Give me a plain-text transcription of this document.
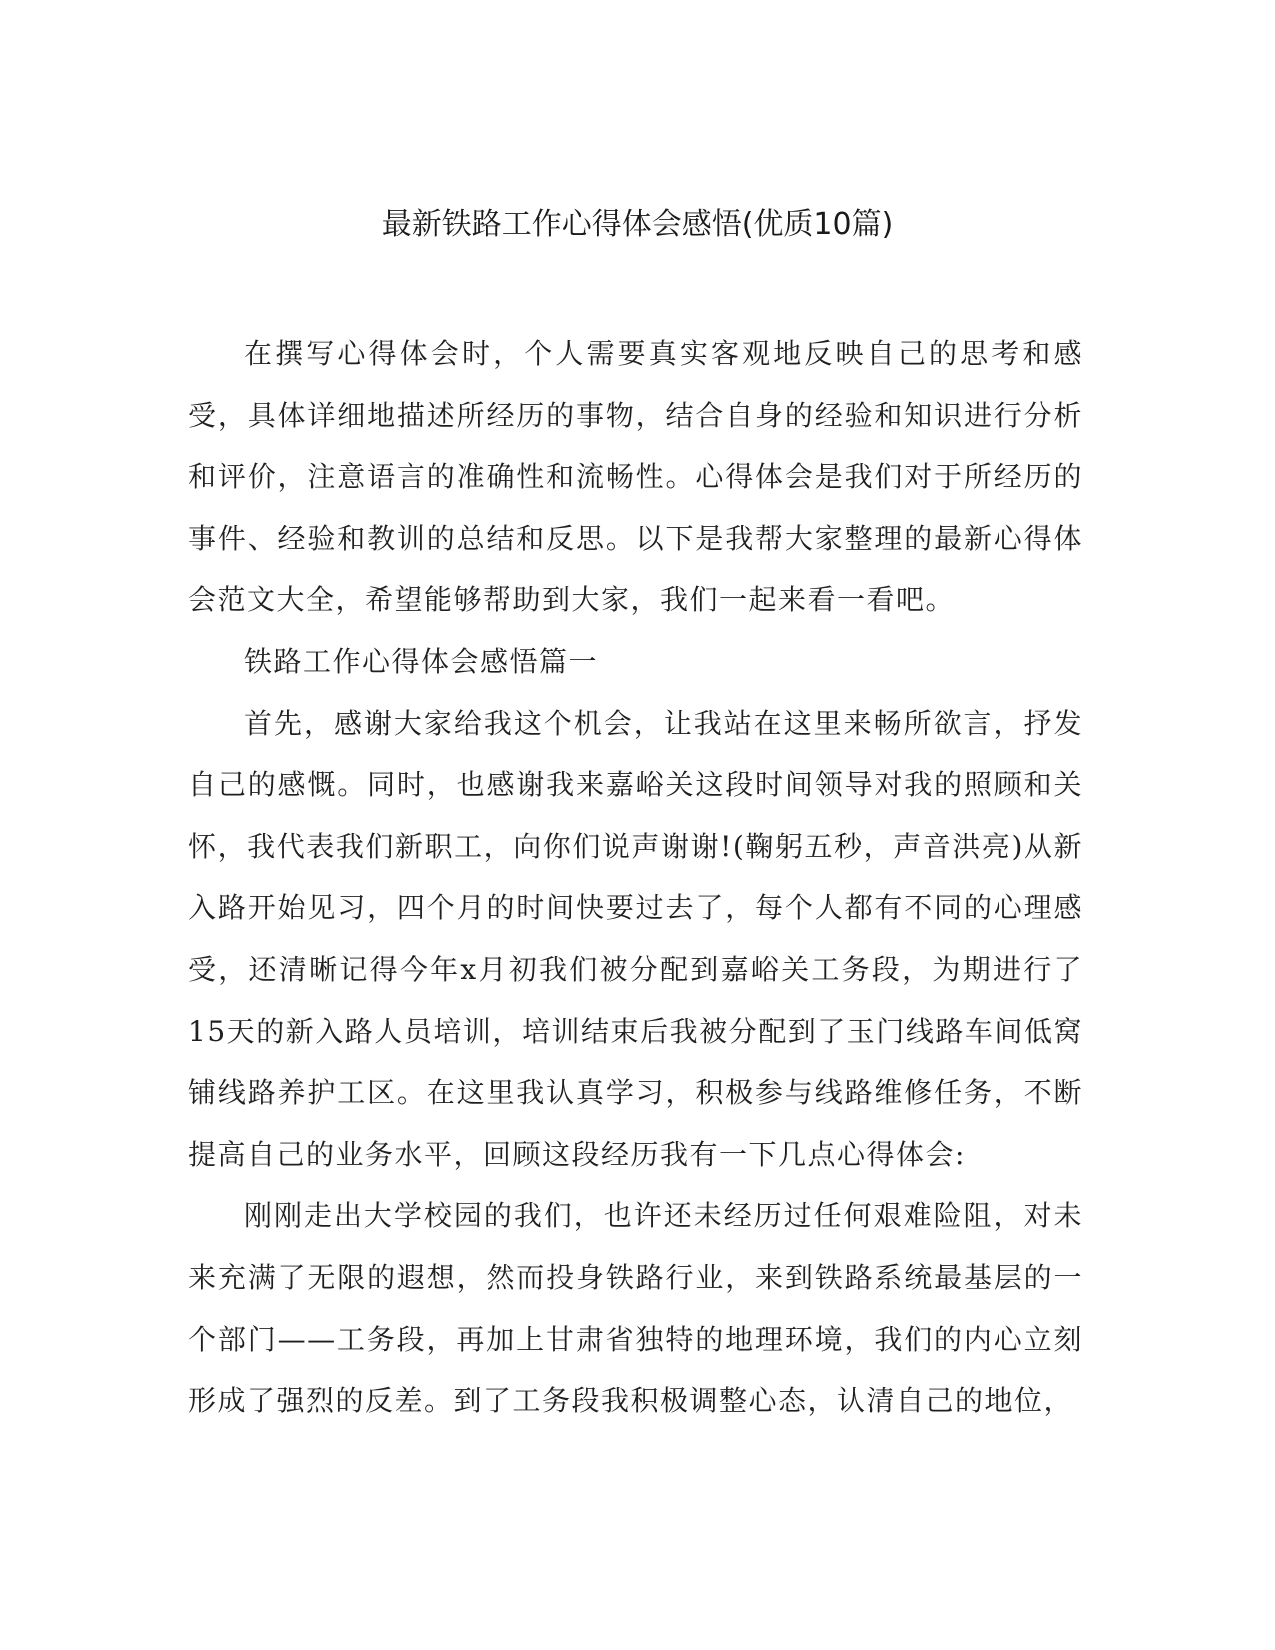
最新铁路工作心得体会感悟(优质10篇)

在撰写心得体会时，个人需要真实客观地反映自己的思考和感受，具体详细地描述所经历的事物，结合自身的经验和知识进行分析和评价，注意语言的准确性和流畅性。心得体会是我们对于所经历的事件、经验和教训的总结和反思。以下是我帮大家整理的最新心得体会范文大全，希望能够帮助到大家，我们一起来看一看吧。

铁路工作心得体会感悟篇一

首先，感谢大家给我这个机会，让我站在这里来畅所欲言，抒发自己的感慨。同时，也感谢我来嘉峪关这段时间领导对我的照顾和关怀，我代表我们新职工，向你们说声谢谢!(鞠躬五秒，声音洪亮)从新入路开始见习，四个月的时间快要过去了，每个人都有不同的心理感受，还清晰记得今年x月初我们被分配到嘉峪关工务段，为期进行了15天的新入路人员培训，培训结束后我被分配到了玉门线路车间低窝铺线路养护工区。在这里我认真学习，积极参与线路维修任务，不断提高自己的业务水平，回顾这段经历我有一下几点心得体会:

刚刚走出大学校园的我们，也许还未经历过任何艰难险阻，对未来充满了无限的遐想，然而投身铁路行业，来到铁路系统最基层的一个部门——工务段，再加上甘肃省独特的地理环境，我们的内心立刻形成了强烈的反差。到了工务段我积极调整心态，认清自己的地位，
